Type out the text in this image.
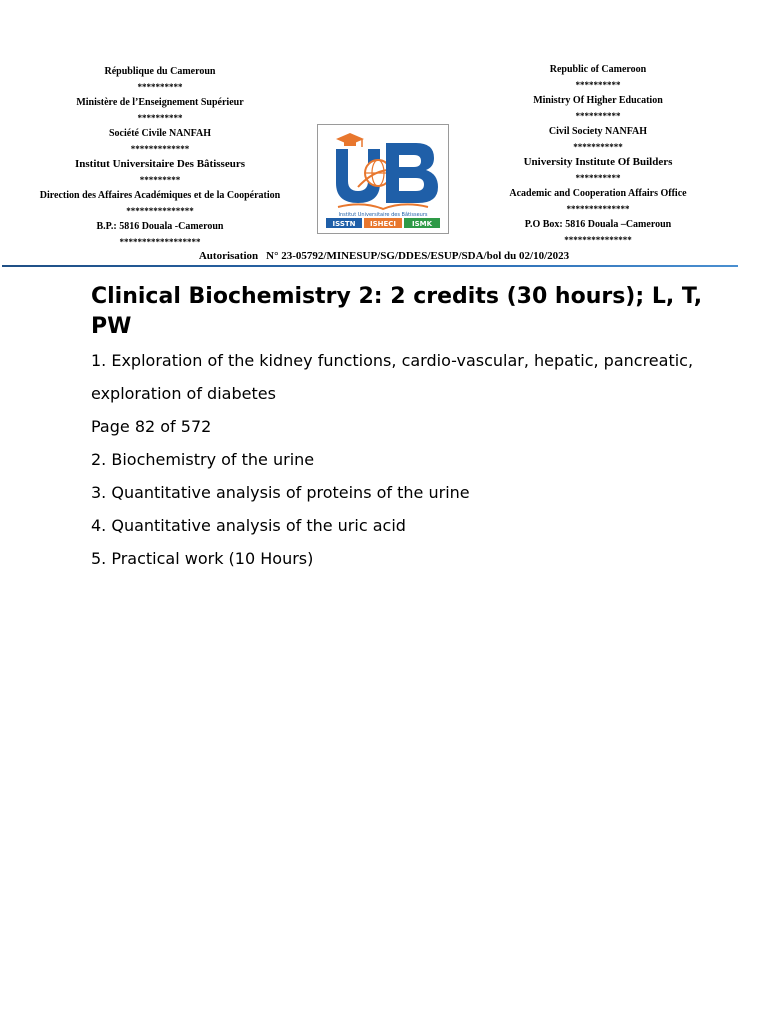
République du Cameroun
**********
Ministère de l’Enseignement Supérieur
**********
Société Civile NANFAH
*************
Institut Universitaire Des Bâtisseurs
*********
Direction des Affaires Académiques et de la Coopération
***************
B.P.: 5816 Douala -Cameroun
******************
Institut Universitaire des Bâtisseurs
ISSTN ISHECI ISMK
Republic of Cameroon
**********
Ministry Of Higher Education
**********
Civil Society NANFAH
***********
University Institute Of Builders
**********
Academic and Cooperation Affairs Office
**************
P.O Box: 5816 Douala –Cameroun
***************
Autorisation N° 23-05792/MINESUP/SG/DDES/ESUP/SDA/bol du 02/10/2023
Clinical Biochemistry 2: 2 credits (30 hours); L, T, PW

1. Exploration of the kidney functions, cardio-vascular, hepatic, pancreatic,

exploration of diabetes

Page 82 of 572

2. Biochemistry of the urine

3. Quantitative analysis of proteins of the urine

4. Quantitative analysis of the uric acid

5. Practical work (10 Hours)
